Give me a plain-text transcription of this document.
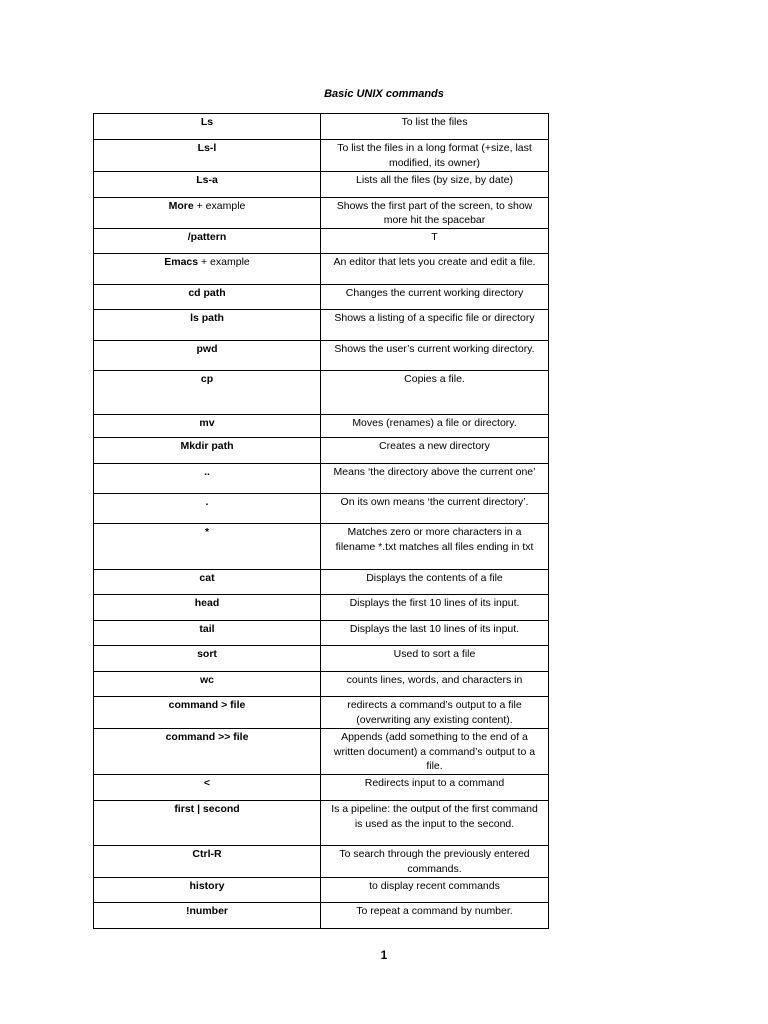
Basic UNIX commands
Ls	To list the files
Ls-l	To list the files in a long format (+size, last modified, its owner)
Ls-a	Lists all the files (by size, by date)
More + example	Shows the first part of the screen, to show more hit the spacebar
/pattern	T
Emacs + example	An editor that lets you create and edit a file.
cd path	Changes the current working directory
ls path	Shows a listing of a specific file or directory
pwd	Shows the user’s current working directory.
cp	Copies a file.
mv	Moves (renames) a file or directory.
Mkdir path	Creates a new directory
..	Means ‘the directory above the current one’
.	On its own means ‘the current directory’.
*	Matches zero or more characters in a filename *.txt matches all files ending in txt
cat	Displays the contents of a file
head	Displays the first 10 lines of its input.
tail	Displays the last 10 lines of its input.
sort	Used to sort a file
wc	counts lines, words, and characters in
command > file	redirects a command’s output to a file (overwriting any existing content).
command >> file	Appends (add something to the end of a written document) a command’s output to a file.
<	Redirects input to a command
first | second	Is a pipeline: the output of the first command is used as the input to the second.
Ctrl-R	To search through the previously entered commands.
history	to display recent commands
!number	To repeat a command by number.
1
